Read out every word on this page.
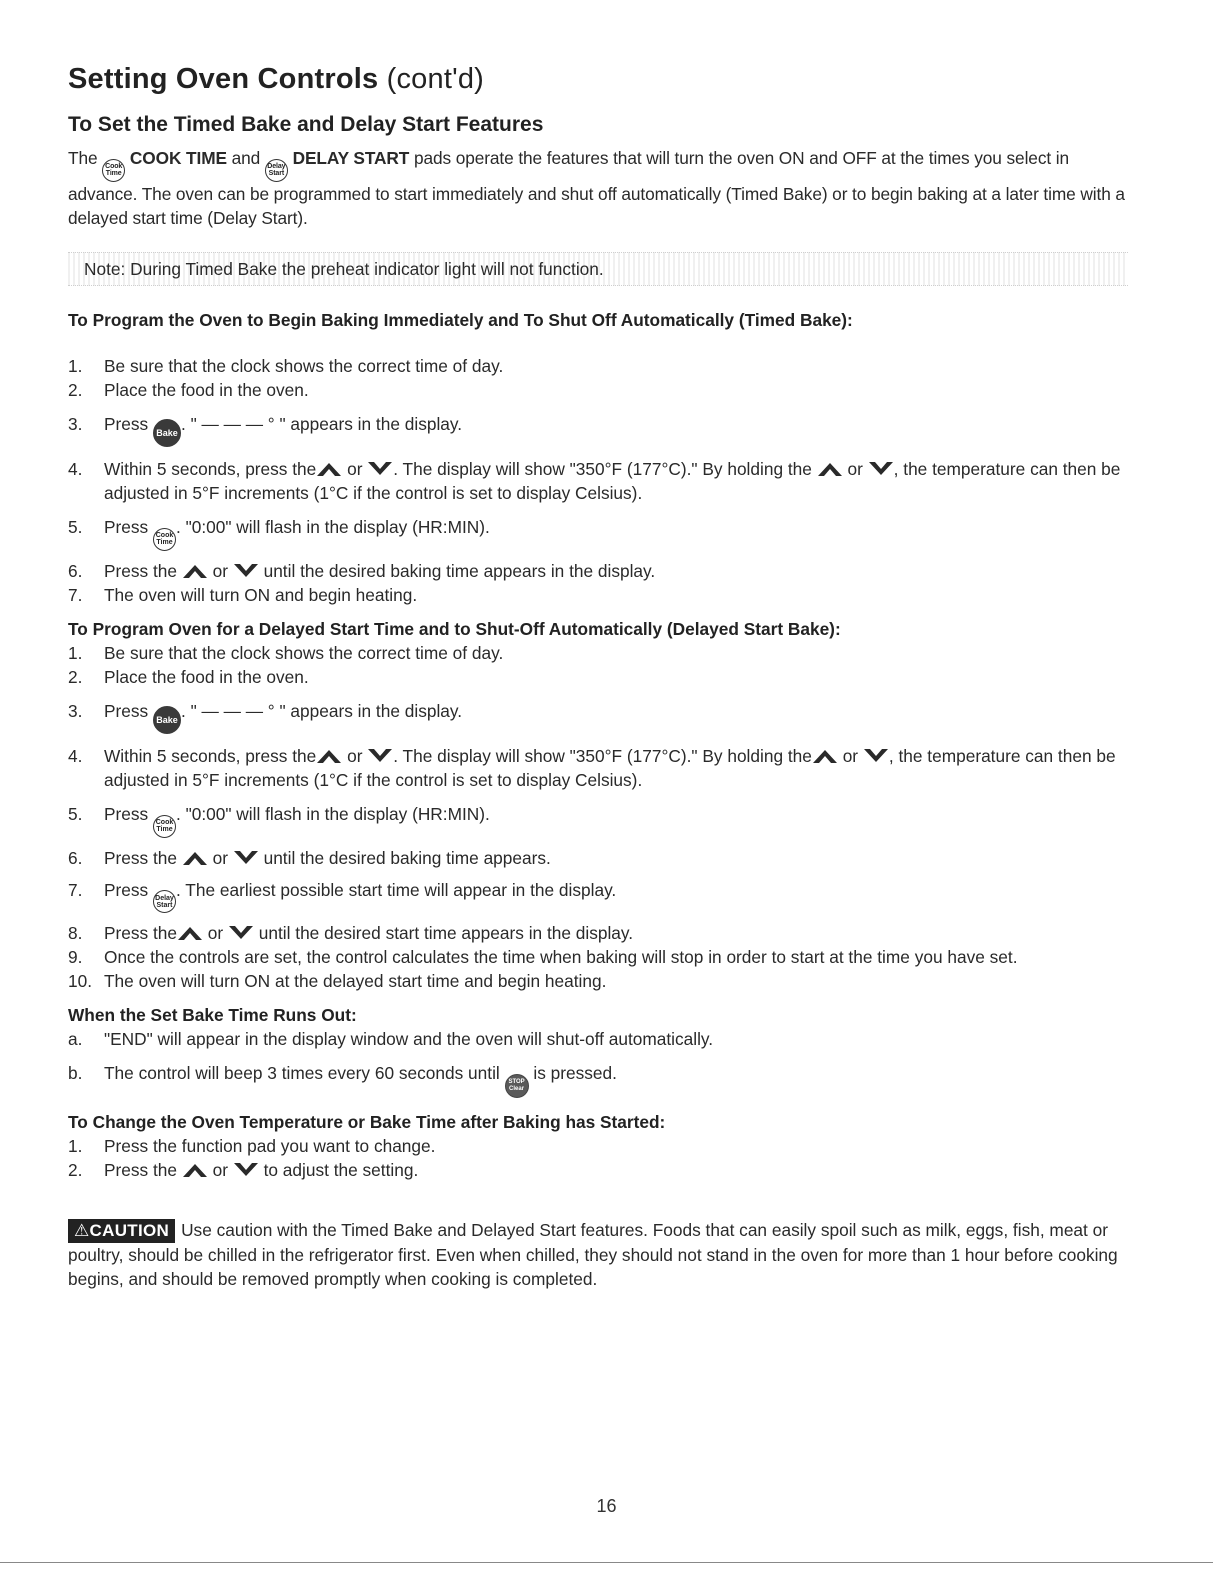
Setting Oven Controls (cont'd)
To Set the Timed Bake and Delay Start Features

The Cook
Time
COOK TIME and Delay
Start
DELAY START pads operate the features that will turn the oven ON and OFF at the times you select in advance. The oven can be programmed to start immediately and shut off automatically (Timed Bake) or to begin baking at a later time with a delayed start time (Delay Start).

Note: During Timed Bake the preheat indicator light will not function.
To Program the Oven to Begin Baking Immediately and To Shut Off Automatically (Timed Bake):
1.	Be sure that the clock shows the correct time of day.
2.	Place the food in the oven.
3.	Press Bake . " — — — ° " appears in the display.
4.	Within 5 seconds, press the or . The display will show "350°F (177°C)." By holding the  or , the temperature can then be adjusted in 5°F increments (1°C if the control is set to display Celsius).
5.	Press Cook
Time
. "0:00" will flash in the display (HR:MIN).
6.	Press the  or  until the desired baking time appears in the display.
7.	The oven will turn ON and begin heating.
To Program Oven for a Delayed Start Time and to Shut-Off Automatically (Delayed Start Bake):
1.	Be sure that the clock shows the correct time of day.
2.	Place the food in the oven.
3.	Press Bake . " — — — ° " appears in the display.
4.	Within 5 seconds, press the or . The display will show "350°F (177°C)." By holding the or , the temperature can then be adjusted in 5°F increments (1°C if the control is set to display Celsius).
5.	Press Cook
Time
. "0:00" will flash in the display (HR:MIN).
6.	Press the  or  until the desired baking time appears.
7.	Press Delay
Start
. The earliest possible start time will appear in the display.
8.	Press the or  until the desired start time appears in the display.
9.	Once the controls are set, the control calculates the time when baking will stop in order to start at the time you have set.
10. The oven will turn ON at the delayed start time and begin heating.
When the Set Bake Time Runs Out:
a.	"END" will appear in the display window and the oven will shut-off automatically.
b.	The control will beep 3 times every 60 seconds until STOP
Clear
is pressed.
To Change the Oven Temperature or Bake Time after Baking has Started:
1.	Press the function pad you want to change.
2.	Press the  or  to adjust the setting.

⚠CAUTION Use caution with the Timed Bake and Delayed Start features. Foods that can easily spoil such as milk, eggs, fish, meat or poultry, should be chilled in the refrigerator first. Even when chilled, they should not stand in the oven for more than 1 hour before cooking begins, and should be removed promptly when cooking is completed.

16
